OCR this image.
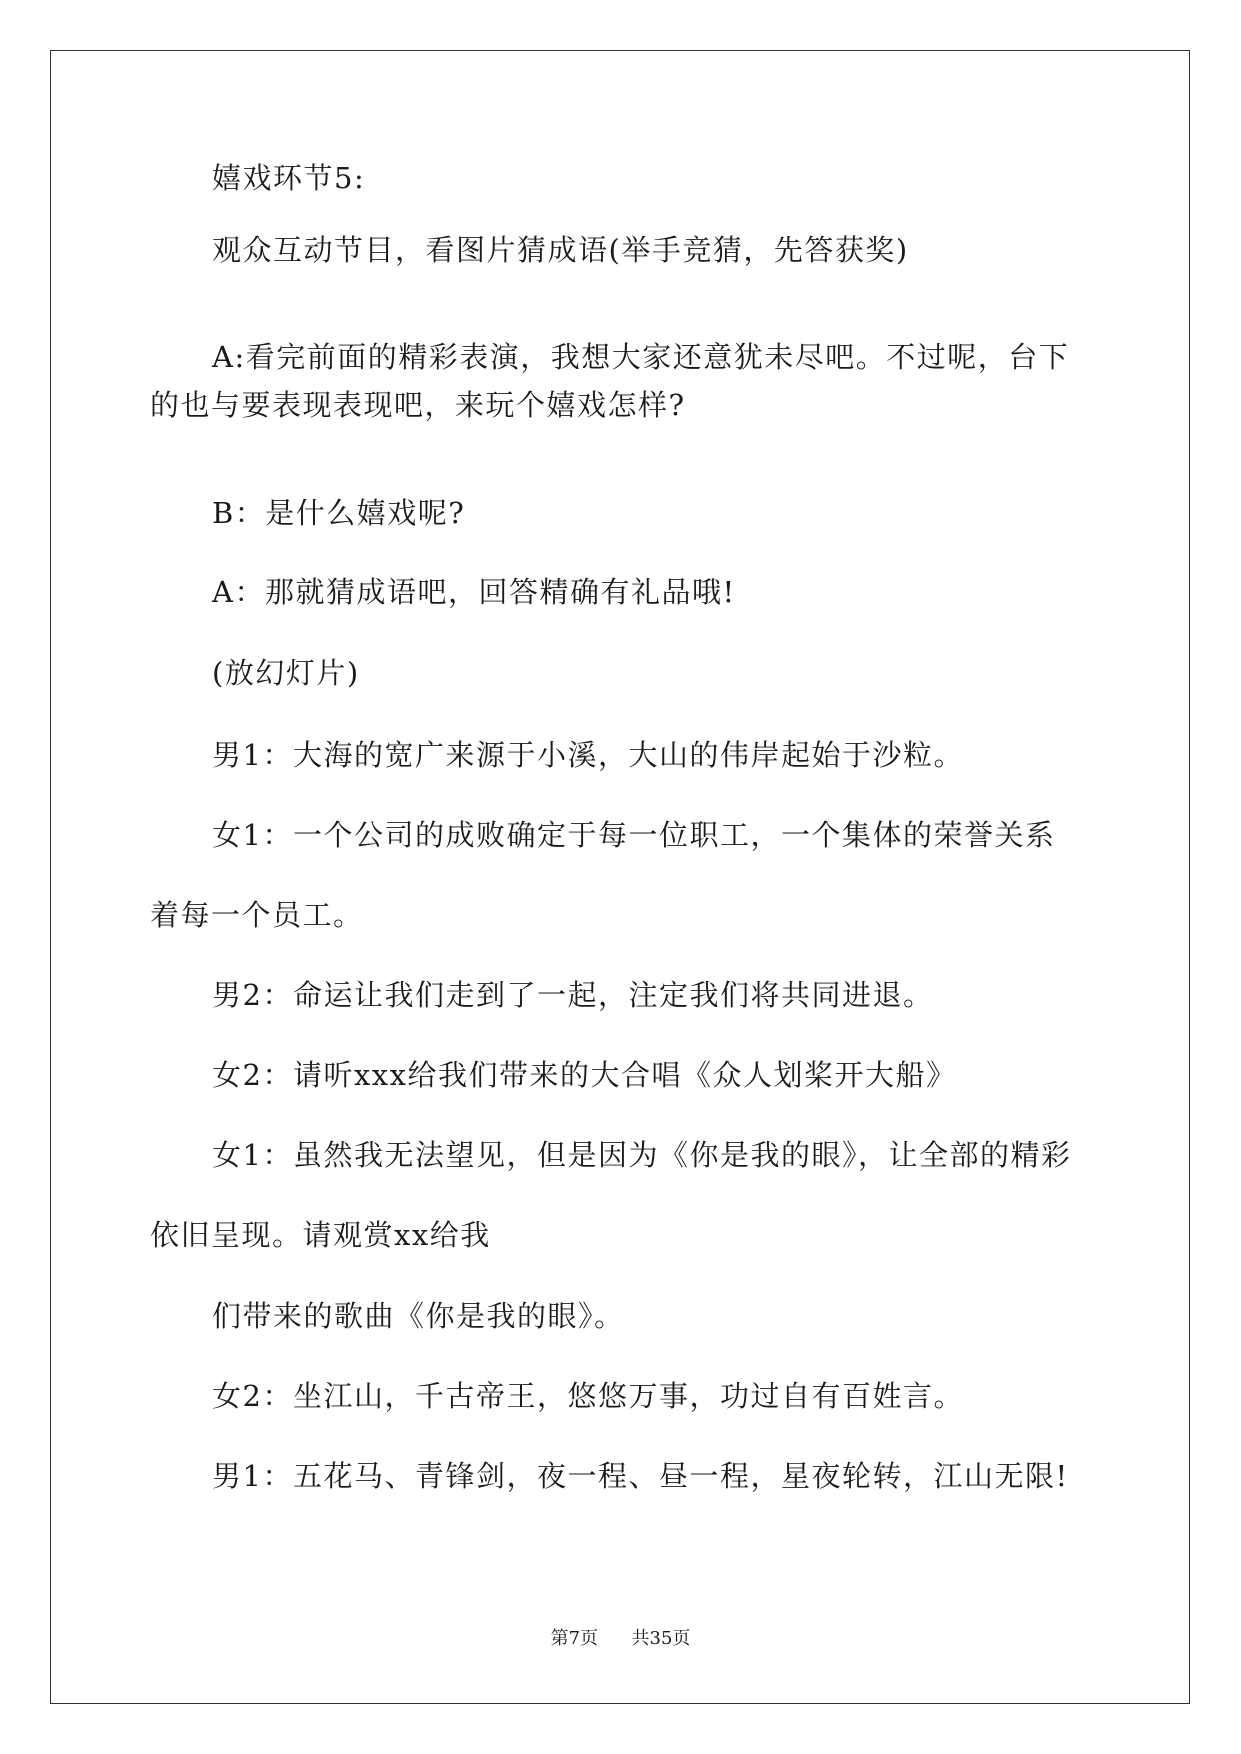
嬉戏环节5:
观众互动节目，看图片猜成语(举手竞猜，先答获奖)
A:看完前面的精彩表演，我想大家还意犹未尽吧。不过呢，台下
的也与要表现表现吧，来玩个嬉戏怎样?
B：是什么嬉戏呢?
A：那就猜成语吧，回答精确有礼品哦!
(放幻灯片)
男1：大海的宽广来源于小溪，大山的伟岸起始于沙粒。
女1：一个公司的成败确定于每一位职工，一个集体的荣誉关系
着每一个员工。
男2：命运让我们走到了一起，注定我们将共同进退。
女2：请听xxx给我们带来的大合唱《众人划桨开大船》
女1：虽然我无法望见，但是因为《你是我的眼》，让全部的精彩
依旧呈现。请观赏xx给我
们带来的歌曲《你是我的眼》。
女2：坐江山，千古帝王，悠悠万事，功过自有百姓言。
男1：五花马、青锋剑，夜一程、昼一程，星夜轮转，江山无限!
第7页 共35页
